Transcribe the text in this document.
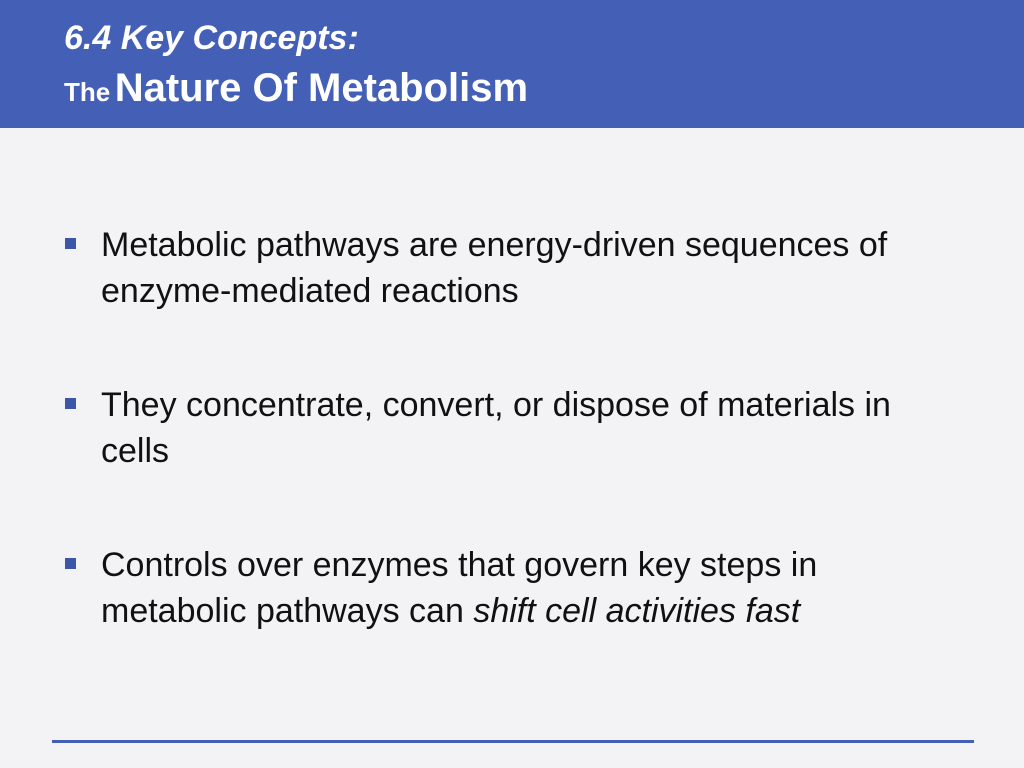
6.4 Key Concepts:
The Nature Of Metabolism
Metabolic pathways are energy-driven sequences of enzyme-mediated reactions
They concentrate, convert, or dispose of materials in cells
Controls over enzymes that govern key steps in metabolic pathways can shift cell activities fast
